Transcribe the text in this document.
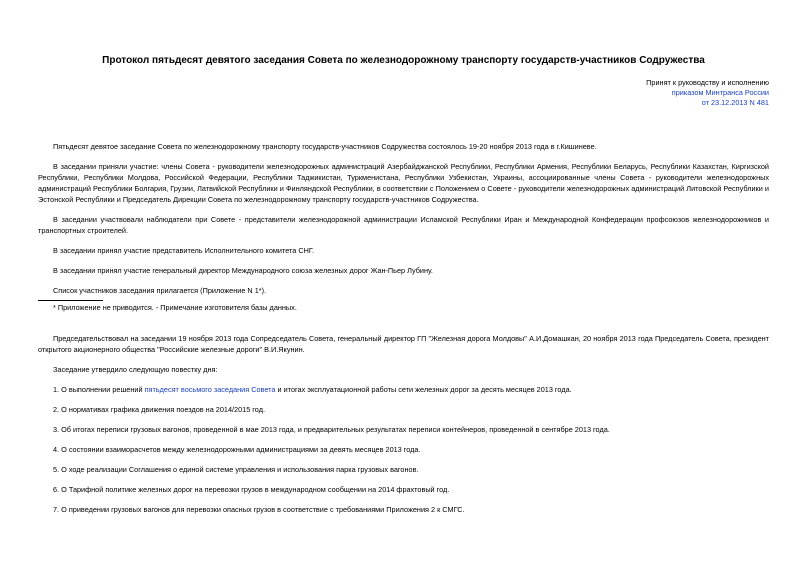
Протокол пятьдесят девятого заседания Совета по железнодорожному транспорту государств-участников Содружества
Принят к руководству и исполнению
приказом Минтранса России
от 23.12.2013 N 481

Пятьдесят девятое заседание Совета по железнодорожному транспорту государств-участников Содружества состоялось 19-20 ноября 2013 года в г.Кишиневе.

В заседании приняли участие: члены Совета - руководители железнодорожных администраций Азербайджанской Республики, Республики Армения, Республики Беларусь, Республики Казахстан, Киргизской Республики, Республики Молдова, Российской Федерации, Республики Таджикистан, Туркменистана, Республики Узбекистан, Украины, ассоциированные члены Совета - руководители железнодорожных администраций Республики Болгария, Грузии, Латвийской Республики и Финляндской Республики, в соответствии с Положением о Совете - руководители железнодорожных администраций Литовской Республики и Эстонской Республики и Председатель Дирекции Совета по железнодорожному транспорту государств-участников Содружества.

В заседании участвовали наблюдатели при Совете - представители железнодорожной администрации Исламской Республики Иран и Международной Конфедерации профсоюзов железнодорожников и транспортных строителей.

В заседании принял участие представитель Исполнительного комитета СНГ.

В заседании принял участие генеральный директор Международного союза железных дорог Жан-Пьер Лубину.

Список участников заседания прилагается (Приложение N 1*).

* Приложение не приводится. - Примечание изготовителя базы данных.

Председательствовал на заседании 19 ноября 2013 года Сопредседатель Совета, генеральный директор ГП "Железная дорога Молдовы" А.И.Домашкан, 20 ноября 2013 года Председатель Совета, президент открытого акционерного общества "Российские железные дороги" В.И.Якунин.

Заседание утвердило следующую повестку дня:

1. О выполнении решений пятьдесят восьмого заседания Совета и итогах эксплуатационной работы сети железных дорог за десять месяцев 2013 года.

2. О нормативах графика движения поездов на 2014/2015 год.

3. Об итогах переписи грузовых вагонов, проведенной в мае 2013 года, и предварительных результатах переписи контейнеров, проведенной в сентябре 2013 года.

4. О состоянии взаиморасчетов между железнодорожными администрациями за девять месяцев 2013 года.

5. О ходе реализации Соглашения о единой системе управления и использования парка грузовых вагонов.

6. О Тарифной политике железных дорог на перевозки грузов в международном сообщении на 2014 фрахтовый год.

7. О приведении грузовых вагонов для перевозки опасных грузов в соответствие с требованиями Приложения 2 к СМГС.
